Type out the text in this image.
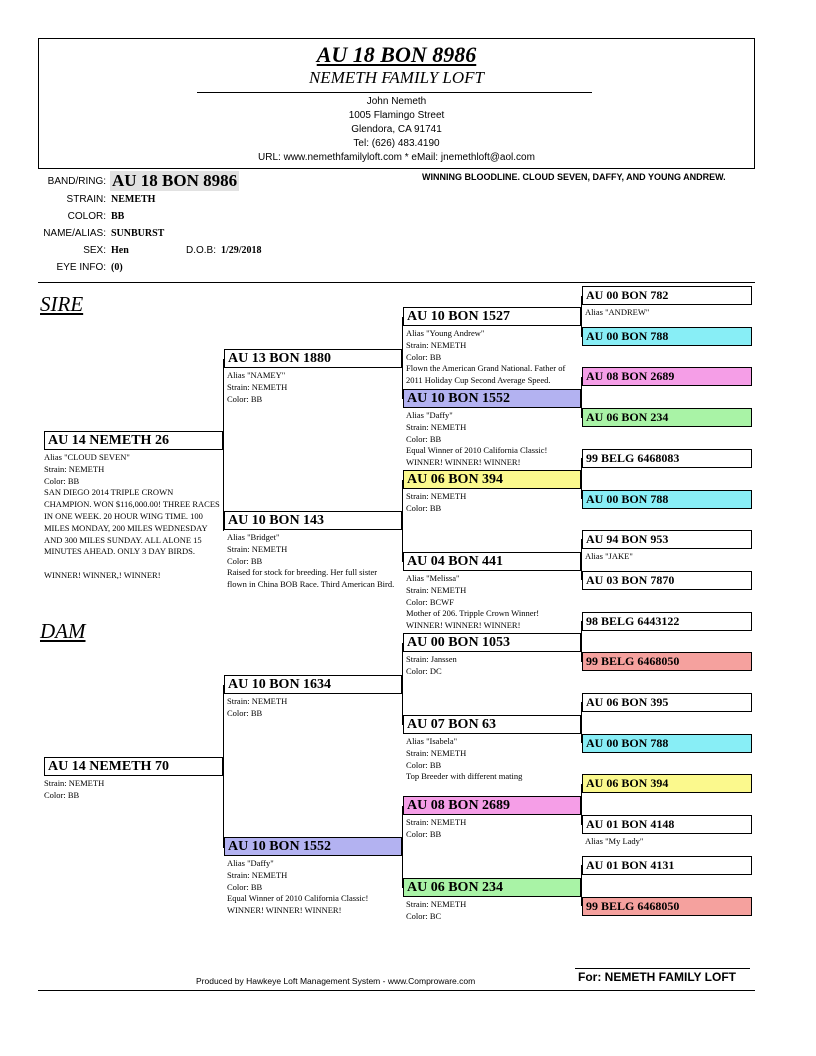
AU 18 BON 8986
NEMETH FAMILY LOFT
John Nemeth
1005 Flamingo Street
Glendora, CA 91741
Tel: (626) 483.4190
URL: www.nemethfamilyloft.com * eMail: jnemethloft@aol.com
BAND/RING: AU 18 BON 8986	WINNING BLOODLINE. CLOUD SEVEN, DAFFY, AND YOUNG ANDREW.
STRAIN: NEMETH
COLOR: BB
NAME/ALIAS: SUNBURST
SEX: Hen	D.O.B: 1/29/2018
EYE INFO: (0)
SIRE
DAM
AU 14 NEMETH 26
Alias "CLOUD SEVEN"
Strain: NEMETH
Color: BB
SAN DIEGO 2014 TRIPLE CROWN CHAMPION. WON $116,000.00! THREE RACES IN ONE WEEK. 20 HOUR WING TIME. 100 MILES MONDAY, 200 MILES WEDNESDAY AND 300 MILES SUNDAY. ALL ALONE 15 MINUTES AHEAD. ONLY 3 DAY BIRDS.

WINNER! WINNER,! WINNER!
AU 14 NEMETH 70
Strain: NEMETH
Color: BB
AU 13 BON 1880
Alias "NAMEY"
Strain: NEMETH
Color: BB
AU 10 BON 143
Alias "Bridget"
Strain: NEMETH
Color: BB
Raised for stock for breeding. Her full sister flown in China BOB Race. Third American Bird.
AU 10 BON 1634
Strain: NEMETH
Color: BB
AU 10 BON 1552
Alias "Daffy"
Strain: NEMETH
Color: BB
Equal Winner of 2010 California Classic!
WINNER! WINNER! WINNER!
AU 10 BON 1527
Alias "Young Andrew"
Strain: NEMETH
Color: BB
Flown the American Grand National. Father of 2011 Holiday Cup Second Average Speed.
AU 10 BON 1552
Alias "Daffy"
Strain: NEMETH
Color: BB
Equal Winner of 2010 California Classic!
WINNER! WINNER! WINNER!
AU 06 BON 394
Strain: NEMETH
Color: BB
AU 04 BON 441
Alias "Melissa"
Strain: NEMETH
Color: BCWF
Mother of 206. Tripple Crown Winner!
WINNER! WINNER! WINNER!
AU 00 BON 1053
Strain: Janssen
Color: DC
AU 07 BON 63
Alias "Isabela"
Strain: NEMETH
Color: BB
Top Breeder with different mating
AU 08 BON 2689
Strain: NEMETH
Color: BB
AU 06 BON 234
Strain: NEMETH
Color: BC
AU 00 BON 782
Alias "ANDREW"
AU 00 BON 788
AU 08 BON 2689
AU 06 BON 234
99 BELG 6468083
AU 00 BON 788
AU 94 BON 953
Alias "JAKE"
AU 03 BON 7870
98 BELG 6443122
99 BELG 6468050
AU 06 BON 395
AU 00 BON 788
AU 06 BON 394
AU 01 BON 4148
Alias "My Lady"
AU 01 BON 4131
99 BELG 6468050
Produced by Hawkeye Loft Management System - www.Comproware.com	For: NEMETH FAMILY LOFT
